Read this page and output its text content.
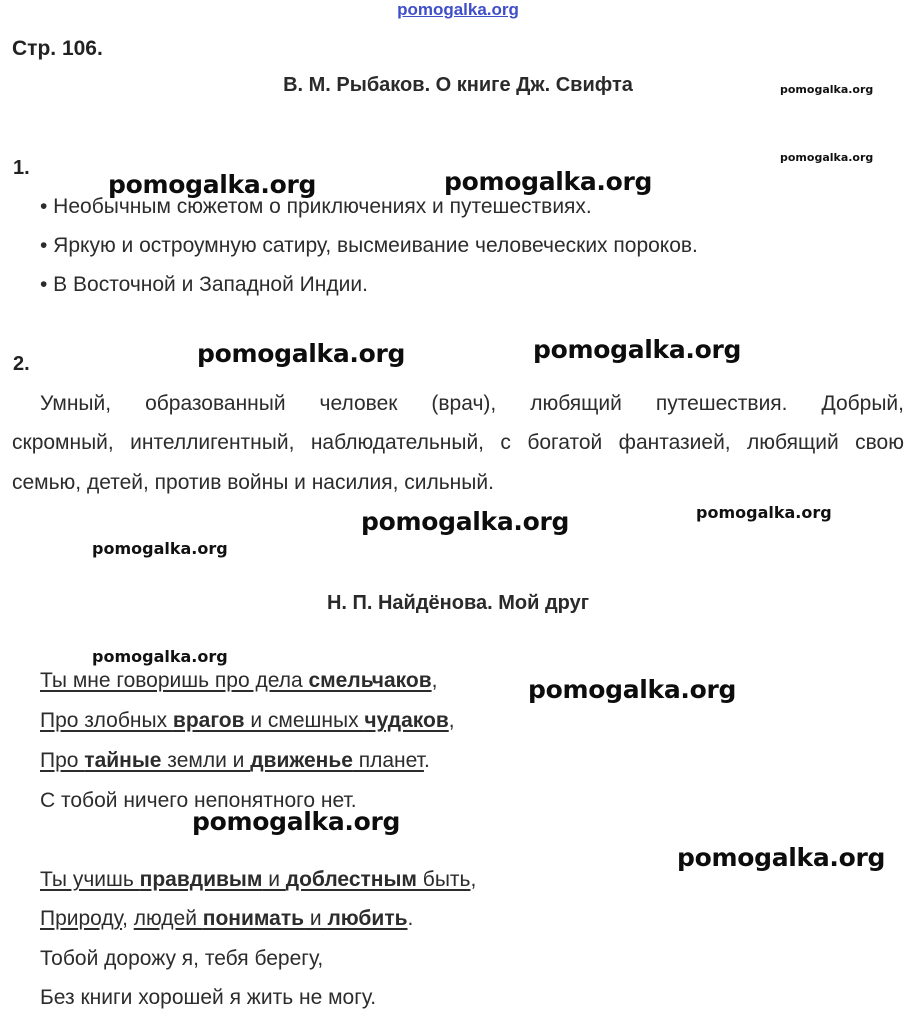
pomogalka.org
Стр. 106.
В. М. Рыбаков. О книге Дж. Свифта	pomogalka.org
pomogalka.org
1.
• Необычным сюжетом о приключениях и путешествиях.
• Яркую и остроумную сатиру, высмеивание человеческих пороков.
• В Восточной и Западной Индии.
pomogalka.org	pomogalka.org
2.	pomogalka.org	pomogalka.org
Умный, образованный человек (врач), любящий путешествия. Добрый,
скромный, интеллигентный, наблюдательный, с богатой фантазией, любящий свою
семью, детей, против войны и насилия, сильный.
pomogalka.org	pomogalka.org
pomogalka.org
Н. П. Найдёнова. Мой друг
pomogalka.org
pomogalka.org
Ты мне говоришь про дела смельчаков,
Про злобных врагов и смешных чудаков,
Про тайные земли и движенье планет.
С тобой ничего непонятного нет.
pomogalka.org
pomogalka.org
Ты учишь правдивым и доблестным быть,
Природу, людей понимать и любить.
Тобой дорожу я, тебя берегу,
Без книги хорошей я жить не могу.
